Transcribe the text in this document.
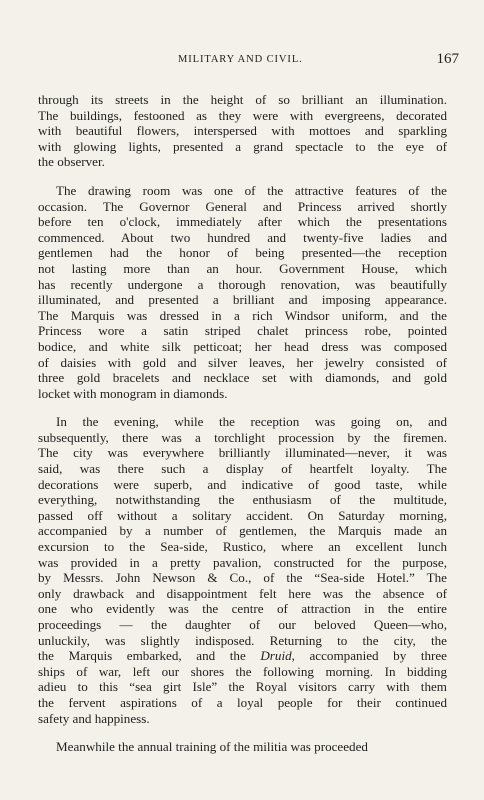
MILITARY AND CIVIL.	167
through its streets in the height of so brilliant an illumination.
The buildings, festooned as they were with evergreens, decorated
with beautiful flowers, interspersed with mottoes and sparkling
with glowing lights, presented a grand spectacle to the eye of
the observer.
The drawing room was one of the attractive features of the
occasion. The Governor General and Princess arrived shortly
before ten o'clock, immediately after which the presentations
commenced. About two hundred and twenty-five ladies and
gentlemen had the honor of being presented—the reception
not lasting more than an hour. Government House, which
has recently undergone a thorough renovation, was beautifully
illuminated, and presented a brilliant and imposing appearance.
The Marquis was dressed in a rich Windsor uniform, and the
Princess wore a satin striped chalet princess robe, pointed
bodice, and white silk petticoat; her head dress was composed
of daisies with gold and silver leaves, her jewelry consisted of
three gold bracelets and necklace set with diamonds, and gold
locket with monogram in diamonds.
In the evening, while the reception was going on, and
subsequently, there was a torchlight procession by the firemen.
The city was everywhere brilliantly illuminated—never, it was
said, was there such a display of heartfelt loyalty. The
decorations were superb, and indicative of good taste, while
everything, notwithstanding the enthusiasm of the multitude,
passed off without a solitary accident. On Saturday morning,
accompanied by a number of gentlemen, the Marquis made an
excursion to the Sea-side, Rustico, where an excellent lunch
was provided in a pretty pavalion, constructed for the purpose,
by Messrs. John Newson & Co., of the “Sea-side Hotel.” The
only drawback and disappointment felt here was the absence of
one who evidently was the centre of attraction in the entire
proceedings — the daughter of our beloved Queen—who,
unluckily, was slightly indisposed. Returning to the city, the
the Marquis embarked, and the Druid, accompanied by three
ships of war, left our shores the following morning. In bidding
adieu to this “sea girt Isle” the Royal visitors carry with them
the fervent aspirations of a loyal people for their continued
safety and happiness.
Meanwhile the annual training of the militia was proceeded
